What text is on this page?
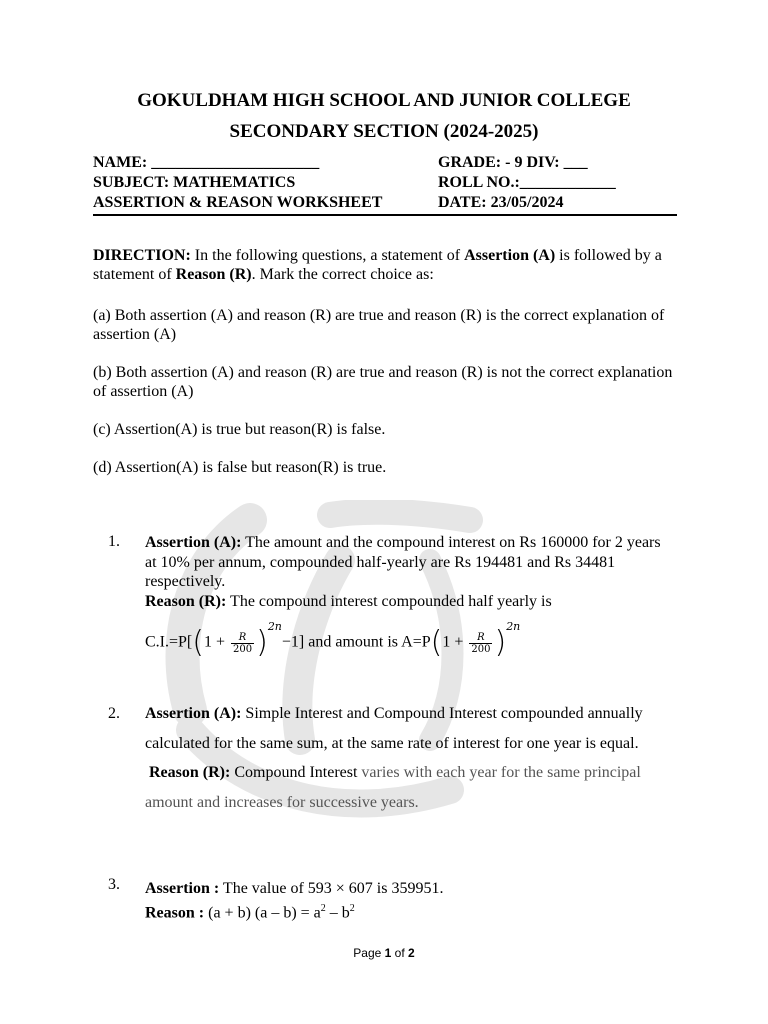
GOKULDHAM HIGH SCHOOL AND JUNIOR COLLEGE
SECONDARY SECTION (2024-2025)
NAME: _____________________	GRADE: - 9 DIV: ___
SUBJECT: MATHEMATICS	ROLL NO.:____________
ASSERTION & REASON WORKSHEET	DATE: 23/05/2024
DIRECTION: In the following questions, a statement of Assertion (A) is followed by a statement of Reason (R). Mark the correct choice as:
(a) Both assertion (A) and reason (R) are true and reason (R) is the correct explanation of assertion (A)
(b) Both assertion (A) and reason (R) are true and reason (R) is not the correct explanation of assertion (A)
(c) Assertion(A) is true but reason(R) is false.
(d) Assertion(A) is false but reason(R) is true.
1. Assertion (A): The amount and the compound interest on Rs 160000 for 2 years at 10% per annum, compounded half-yearly are Rs 194481 and Rs 34481 respectively.
Reason (R): The compound interest compounded half yearly is
$C.I.=P[(1 + \frac{R}{200} )^{2n}-1]$ and amount is $A=P(1 + \frac{R}{200} )^{2n}$
2. Assertion (A): Simple Interest and Compound Interest compounded annually calculated for the same sum, at the same rate of interest for one year is equal.
Reason (R): Compound Interest varies with each year for the same principal amount and increases for successive years.
3. Assertion : The value of 593 × 607 is 359951.
Reason : (a + b) $(a - b) = a^2 - b^2$
Page 1 of 2
